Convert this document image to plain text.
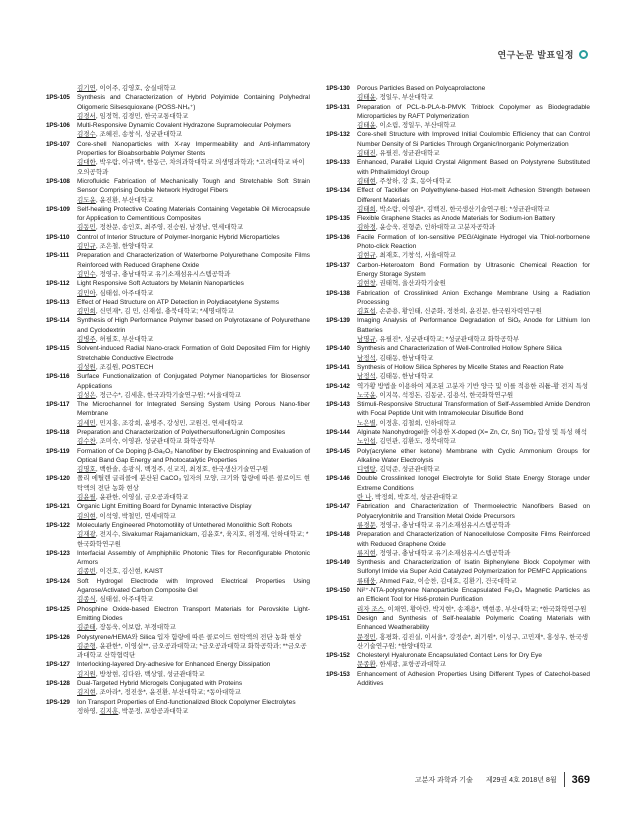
연구논문 발표일정
김기연, 이이주, 김영호, 숭실대학교
1PS-105	Synthesis and Characterization of Hybrid Polyimide Containing Polyhedral Oligomeric Silsesquioxane (POSS-NH₄⁺)
김경서, 임정혁, 김경민, 한국교통대학교
1PS-106	Multi-Responsive Dynamic Covalent Hydrazone Supramolecular Polymers
김경수, 조혜진, 송창식, 성균관대학교
1PS-107	Core-shell Nanoparticles with X-ray Impermeability and Anti-inflammatory Properties for Bioabsorbable Polymer Stents
김대한, 박우람, 이규백*, 한동근, 차의과학대학교 의생명과학과; *고려대학교 바이오의공학과
1PS-108	Microfluidic Fabrication of Mechanically Tough and Stretchable Soft Strain Sensor Comprising Double Network Hydrogel Fibers
김도윤, 윤진환, 부산대학교
1PS-109	Self-healing Protective Coating Materials Containing Vegetable Oil Microcapsule for Application to Cementitious Composites
김동민, 정찬문, 송인호, 최주영, 진승원, 남경남, 연세대학교
1PS-110	Control of Interior Structure of Polymer-Inorganic Hybrid Microparticles
김민규, 조은철, 한양대학교
1PS-111	Preparation and Characterization of Waterborne Polyurethane Composite Films Reinforced with Reduced Graphene Oxide
김민수, 정영규, 충남대학교 유기소재섬유시스템공학과
1PS-112	Light Responsive Soft Actuators by Melanin Nanoparticles
김민아, 심태섭, 아주대학교
1PS-113	Effect of Head Structure on ATP Detection in Polydiacetylene Systems
김민희, 신민재*, 김 민, 신재섭, 충북대학교; *세명대학교
1PS-114	Synthesis of High Performance Polymer based on Polyrotaxane of Polyurethane and Cyclodextrin
김병주, 허필호, 부산대학교
1PS-115	Solvent-induced Radial Nano-crack Formation of Gold Deposited Film for Highly Stretchable Conductive Electrode
김성원, 조길원, POSTECH
1PS-116	Surface Functionalization of Conjugated Polymer Nanoparticles for Biosensor Applications
김성은, 정근수*, 김세훈, 한국과학기술연구원; *서울대학교
1PS-117	The Microchannel for Integrated Sensing System Using Porous Nano-fiber Membrane
김세민, 민지홍, 조강희, 윤병주, 강성민, 고원건, 연세대학교
1PS-118	Preparation and Characterization of Polyethersulfone/Lignin Composites
김수찬, 조미숙, 이영관, 성균관대학교 화학공학부
1PS-119	Formation of Ce Doping β-Ga₂O₃ Nanofiber by Electrospinning and Evaluation of Optical Band Gap Energy and Photocatalytic Properties
김명호, 백한솔, 송광식, 백정주, 신교직, 최경호, 한국생산기술연구원
1PS-120	폴리 에틸렌 글리콜에 분산된 CaCO₃ 입자의 모양, 크기와 함량에 따른 콜로이드 현탁액의 전단 농화 현상
김윤필, 윤관한, 이영실, 금오공과대학교
1PS-121	Organic Light Emitting Board for Dynamic Interactive Display
김의현, 이석영, 박철민, 연세대학교
1PS-122	Molecularly Engineered Photomotility of Untethered Monolithic Soft Robots
김재광, 전지수, Sivakumar Rajamanickam, 김윤호*, 육지호, 위정재, 인하대학교; *한국화학연구원
1PS-123	Interfacial Assembly of Amphiphilic Photonic Tiles for Reconfigurable Photonic Armors
김종빈, 이건호, 김신현, KAIST
1PS-124	Soft Hydrogel Electrode with Improved Electrical Properties Using Agarose/Activated Carbon Composite Gel
김종식, 심태섭, 아주대학교
1PS-125	Phosphine Oxide-based Electron Transport Materials for Perovskite Light-Emitting Diodes
김준태, 장동욱, 이보람, 부경대학교
1PS-126	Polystyrene/HEMA와 Silica 입자 함량에 따른 콜로이드 현탁액의 전단 농화 현상
김준형, 윤관한*, 이영실**, 금오공과대학교; *금오공과대학교 화학공학과; **금오공과대학교 산학협력단
1PS-127	Interlocking-layered Dry-adhesive for Enhanced Energy Dissipation
김지원, 방창현, 김다완, 백상열, 성균관대학교
1PS-128	Dual-Targeted Hybrid Microgels Conjugated with Proteins
김지현, 조아라*, 정진웅*, 윤진환, 부산대학교; *동아대학교
1PS-129	Ion Transport Properties of End-functionalized Block Copolymer Electrolytes
정하영, 김지훈, 박문정, 포항공과대학교
1PS-130	Porous Particles Based on Polycaprolactone
김태윤, 정일두, 부산대학교
1PS-131	Preparation of PCL-b-PLA-b-PMVK Triblock Copolymer as Biodegradable Microparticles by RAFT Polymerization
김태윤, 이소림, 정일두, 부산대학교
1PS-132	Core-shell Structure with Improved Initial Coulombic Efficiency that can Control Number Density of Si Particles Through Organic/Inorganic Polymerization
김태진, 유필진, 성균관대학교
1PS-133	Enhanced, Parallel Liquid Crystal Alignment Based on Polystyrene Substituted with Phthalimidoyl Group
김태현, 주창하, 강 효, 동아대학교
1PS-134	Effect of Tackifier on Polyethylene-based Hot-melt Adhesion Strength between Different Materials
김태희, 박소람, 이영관*, 김백진, 한국생산기술연구원; *성균관대학교
1PS-135	Flexible Graphene Stacks as Anode Materials for Sodium-ion Battery
김하경, 윤승욱, 진형준, 인하대학교 고분자공학과
1PS-136	Facile Formation of Ion-sensitive PEG/Alginate Hydrogel via Thiol-norbornene Photo-click Reaction
김현규, 최재호, 기창석, 서울대학교
1PS-137	Carbon-Heteroatom Bond Formation by Ultrasonic Chemical Reaction for Energy Storage System
김현창, 권태혁, 울산과학기술원
1PS-138	Fabrication of Crosslinked Anion Exchange Membrane Using a Radiation Processing
김효섭, 손준용, 황인태, 신준화, 정찬희, 윤진문, 한국원자력연구원
1PS-139	Imaging Analysis of Performance Degradation of SiOₓ Anode for Lithium Ion Batteries
남명규, 유필진*, 성균관대학교; *성균관대학교 화학공학부
1PS-140	Synthesis and Characterization of Well-Controlled Hollow Sphere Silica
남정석, 김태동, 한남대학교
1PS-141	Synthesis of Hollow Silica Spheres by Micelle States and Reaction Rate
남정석, 김태동, 한남대학교
1PS-142	역가황 방법을 이용하여 제조된 고분자 기반 양극 및 이를 적용한 리튬-황 전지 특성
노국윤, 이지목, 석정돈, 김동균, 김용석, 한국화학연구원
1PS-143	Stimuli-Responsive Structural Transformation of Self-Assembled Amide Dendron with Focal Peptide Unit with Intramolecular Disulfide Bond
노은별, 이정훈, 김철희, 인하대학교
1PS-144	Alginate Nanohydrogel을 이용한 X-doped (X= Zn, Cr, Sn) TiO₂ 합성 및 특성 해석
노인섭, 김민관, 김환도, 경북대학교
1PS-145	Poly(acrylene ether ketone) Membrane with Cyclic Ammonium Groups for Alkaline Water Electrolysis
디엠탕, 김덕준, 성균관대학교
1PS-146	Double Crosslinked Ionogel Electrolyte for Solid State Energy Storage under Extreme Conditions
란 나, 박정희, 박호석, 성균관대학교
1PS-147	Fabrication and Characterization of Thermoelectric Nanofibers Based on Polyacrylonitrile and Transition Metal Oxide Precursors
류경문, 정영규, 충남대학교 유기소재섬유시스템공학과
1PS-148	Preparation and Characterization of Nanocellulose Composite Films Reinforced with Reduced Graphene Oxide
류지현, 정영규, 충남대학교 유기소재섬유시스템공학과
1PS-149	Synthesis and Characterization of Isatin Biphenylene Block Copolymer with Sulfonyl Imide via Super Acid Catalyzed Polymerization for PEMFC Applications
류태웅, Ahmed Faiz, 이승찬, 김대호, 김환기, 건국대학교
1PS-150	Ni²⁺-NTA-polystyrene Nanoparticle Encapsulated Fe₃O₄ Magnetic Particles as an Efficient Tool for His6-protein Purification
리자 조스, 이채연, 황아란, 박지현*, 송재용*, 백현종, 부산대학교; *한국화학연구원
1PS-151	Design and Synthesis of Self-healable Polymeric Coating Materials with Enhanced Weatherability
문경민, 홍평화, 김진실, 이서울*, 강정순*, 최기원*, 이성구, 고민재*, 홍성우, 한국생산기술연구원; *한양대학교
1PS-152	Cholesteryl Hyaluronate Encapsulated Contact Lens for Dry Eye
문종환, 한세광, 포항공과대학교
1PS-153	Enhancement of Adhesion Properties Using Different Types of Catechol-based Additives
고분자 과학과 기술 제29권 4호 2018년 8월 369
